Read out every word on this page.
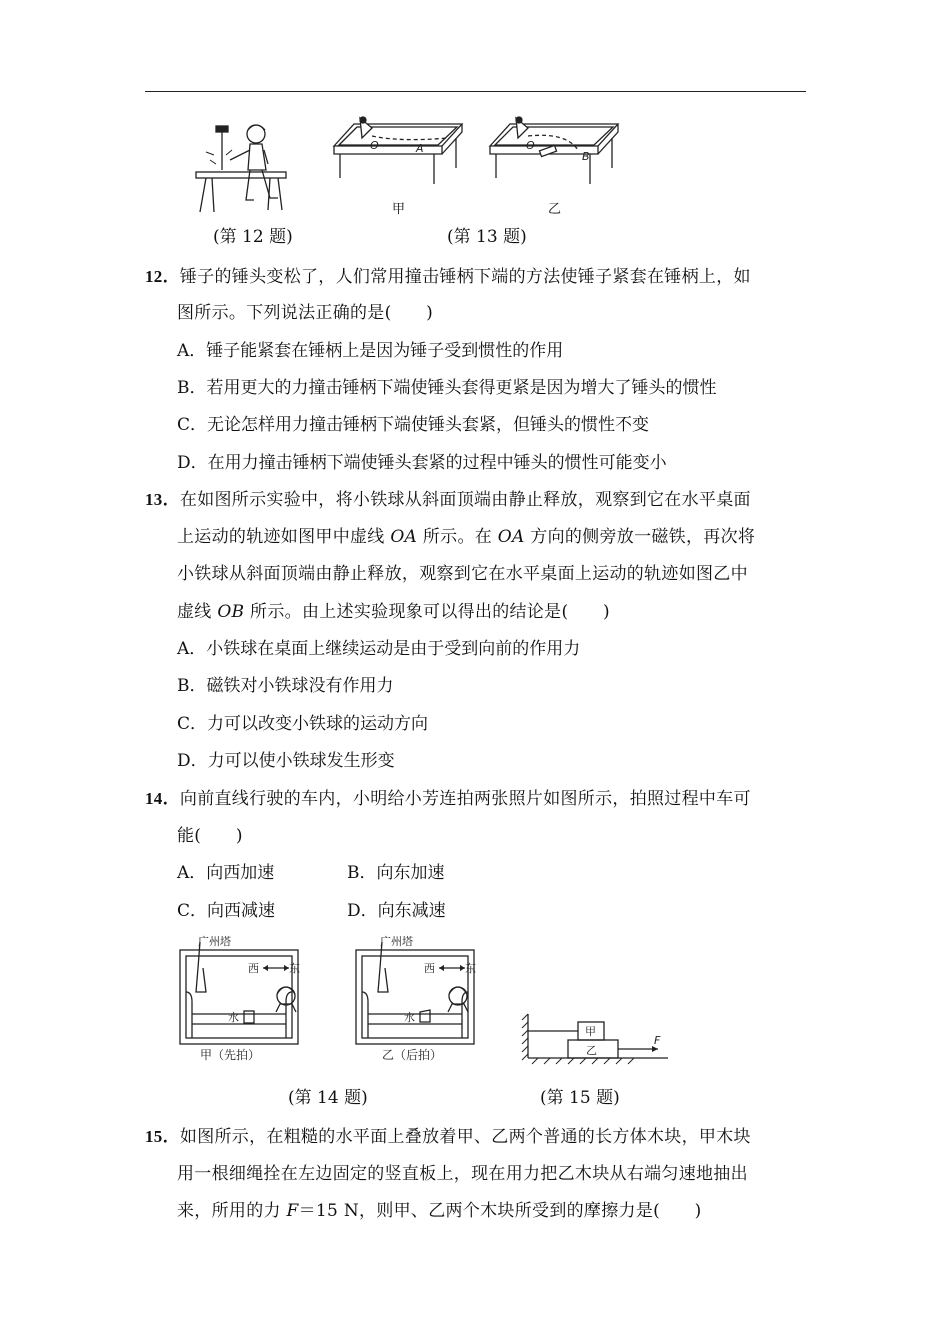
(第 12 题)
O	A
甲
O
B
乙
(第 13 题)
12．锤子的锤头变松了，人们常用撞击锤柄下端的方法使锤子紧套在锤柄上，如
图所示。下列说法正确的是(　　)
A．锤子能紧套在锤柄上是因为锤子受到惯性的作用
B．若用更大的力撞击锤柄下端使锤头套得更紧是因为增大了锤头的惯性
C．无论怎样用力撞击锤柄下端使锤头套紧，但锤头的惯性不变
D．在用力撞击锤柄下端使锤头套紧的过程中锤头的惯性可能变小
13．在如图所示实验中，将小铁球从斜面顶端由静止释放，观察到它在水平桌面
上运动的轨迹如图甲中虚线 OA 所示。在 OA 方向的侧旁放一磁铁，再次将
小铁球从斜面顶端由静止释放，观察到它在水平桌面上运动的轨迹如图乙中
虚线 OB 所示。由上述实验现象可以得出的结论是(　　)
A．小铁球在桌面上继续运动是由于受到向前的作用力
B．磁铁对小铁球没有作用力
C．力可以改变小铁球的运动方向
D．力可以使小铁球发生形变
14．向前直线行驶的车内，小明给小芳连拍两张照片如图所示，拍照过程中车可
能(　　)
A．向西加速	B．向东加速
C．向西减速	D．向东减速
广州塔
西	东
水
甲（先拍）
广州塔
西	东
水
乙（后拍）
(第 14 题)
甲
乙
F
(第 15 题)
15．如图所示，在粗糙的水平面上叠放着甲、乙两个普通的长方体木块，甲木块
用一根细绳拴在左边固定的竖直板上，现在用力把乙木块从右端匀速地抽出
来，所用的力 F＝15 N，则甲、乙两个木块所受到的摩擦力是(　　)
